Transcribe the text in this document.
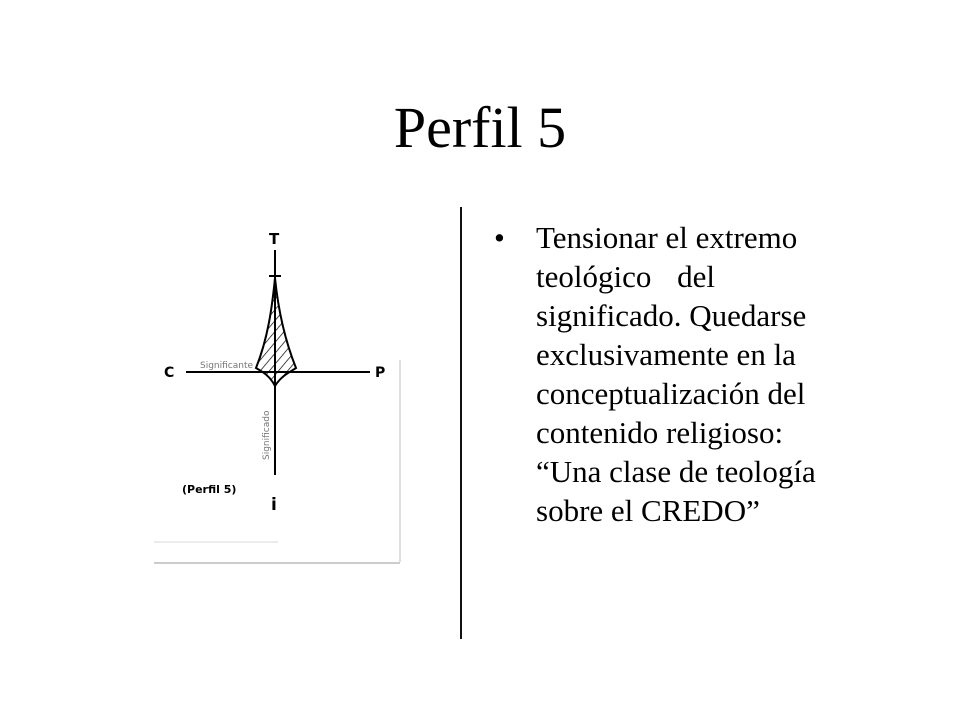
Perfil 5
T
C	P
i
Significante
Significado
(Perfil 5)
• Tensionar el extremo
teológico del
significado. Quedarse
exclusivamente en la
conceptualización del
contenido religioso:
“Una clase de teología
sobre el CREDO”
